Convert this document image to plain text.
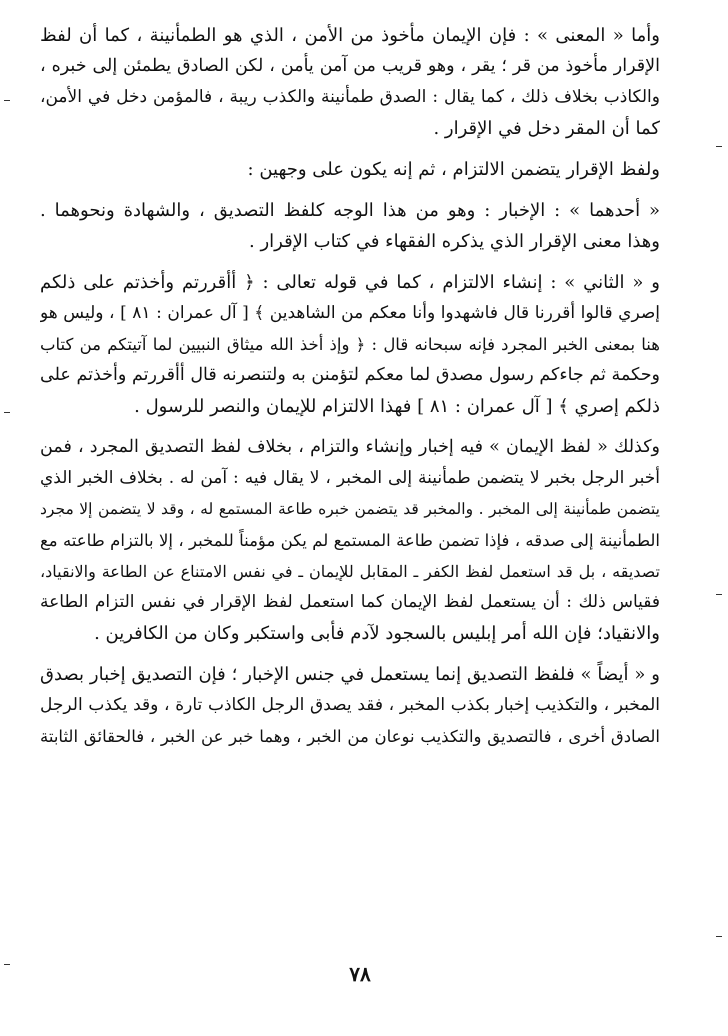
وأما « المعنى » : فإن الإيمان مأخوذ من الأمن ، الذي هو الطمأنينة ، كما أن لفظ
الإقرار مأخوذ من قر ؛ يقر ، وهو قريب من آمن يأمن ، لكن الصادق يطمئن إلى خبره ،
والكاذب بخلاف ذلك ، كما يقال : الصدق طمأنينة والكذب ريبة ، فالمؤمن دخل في الأمن،
كما أن المقر دخل في الإقرار .
ولفظ الإقرار يتضمن الالتزام ، ثم إنه يكون على وجهين :
« أحدهما » : الإخبار : وهو من هذا الوجه كلفظ التصديق ، والشهادة ونحوهما .
وهذا معنى الإقرار الذي يذكره الفقهاء في كتاب الإقرار .
و « الثاني » : إنشاء الالتزام ، كما في قوله تعالى : ﴿ أأقررتم وأخذتم على ذلكم
إصري قالوا أقررنا قال فاشهدوا وأنا معكم من الشاهدين ﴾ [ آل عمران : ٨١ ] ، وليس هو
هنا بمعنى الخبر المجرد فإنه سبحانه قال : ﴿ وإذ أخذ الله ميثاق النبيين لما آتيتكم من كتاب
وحكمة ثم جاءكم رسول مصدق لما معكم لتؤمنن به ولتنصرنه قال أأقررتم وأخذتم على
ذلكم إصري ﴾ [ آل عمران : ٨١ ] فهذا الالتزام للإيمان والنصر للرسول .
وكذلك « لفظ الإيمان » فيه إخبار وإنشاء والتزام ، بخلاف لفظ التصديق المجرد ، فمن
أخبر الرجل بخبر لا يتضمن طمأنينة إلى المخبر ، لا يقال فيه : آمن له . بخلاف الخبر الذي
يتضمن طمأنينة إلى المخبر . والمخبر قد يتضمن خبره طاعة المستمع له ، وقد لا يتضمن إلا مجرد
الطمأنينة إلى صدقه ، فإذا تضمن طاعة المستمع لم يكن مؤمناً للمخبر ، إلا بالتزام طاعته مع
تصديقه ، بل قد استعمل لفظ الكفر ـ المقابل للإيمان ـ في نفس الامتناع عن الطاعة والانقياد،
فقياس ذلك : أن يستعمل لفظ الإيمان كما استعمل لفظ الإقرار في نفس التزام الطاعة
والانقياد؛ فإن الله أمر إبليس بالسجود لآدم فأبى واستكبر وكان من الكافرين .
و « أيضاً » فلفظ التصديق إنما يستعمل في جنس الإخبار ؛ فإن التصديق إخبار بصدق
المخبر ، والتكذيب إخبار بكذب المخبر ، فقد يصدق الرجل الكاذب تارة ، وقد يكذب الرجل
الصادق أخرى ، فالتصديق والتكذيب نوعان من الخبر ، وهما خبر عن الخبر ، فالحقائق الثابتة
٧٨
